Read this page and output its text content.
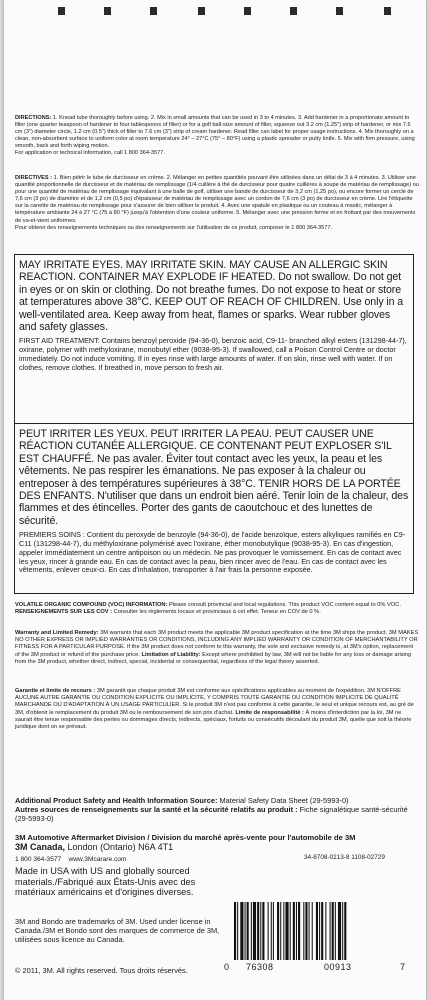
DIRECTIONS: 1. Knead tube thoroughly before using. 2. Mix in small amounts that can be used in 3 to 4 minutes. 3. Add hardener in a proportionate amount to filler (one quarter teaspoon of hardener to four tablespoons of filler) or for a golf ball-size amount of filler, squeeze out 3.2 cm (1.25") strip of hardener, or mix 7.6 cm (3") diameter circle, 1.2 cm (0.5") thick of filler to 7.6 cm (3") strip of cream hardener. Read filler can label for proper usage instructions. 4. Mix thoroughly on a clean, non-absorbent surface to uniform color at room temperature 24° – 27°C (75° – 80°F) using a plastic spreader or putty knife. 5. Mix with firm pressure, using smooth, back and forth wiping motion.
For application or technical information, call 1 800 364-3577.
DIRECTIVES : 1. Bien pétrir le tube de durcisseur en crème. 2. Mélanger en petites quantités pouvant être utilisées dans un délai de 3 à 4 minutes. 3. Utiliser une quantité proportionnelle de durcisseur et de matériau de remplissage (1/4 cuillère à thé de durcisseur pour quatre cuillères à soupe de matériau de remplissage) ou pour une quantité de matériau de remplissage équivalant à une balle de golf, utiliser une bande de durcisseur de 3,2 cm (1,25 po), ou encore former un cercle de 7,6 cm (3 po) de diamètre et de 1,2 cm (0,5 po) d'épaisseur de matériau de remplissage avec un cordon de 7,6 cm (3 po) de durcisseur en crème. Lire l'étiquette sur la canette de matériau de remplissage pour s'assurer de bien utiliser le produit. 4. Avec une spatule en plastique ou un couteau à mastic, mélanger à température ambiante 24 à 27 °C (75 à 80 °F) jusqu'à l'obtention d'une couleur uniforme. 5. Mélanger avec une pression ferme et en frottant par des mouvements de va-et-vient uniformes.
Pour obtenir des renseignements techniques ou des renseignements sur l'utilisation de ce produit, composer le 1 800 364-3577.
MAY IRRITATE EYES. MAY IRRITATE SKIN. MAY CAUSE AN ALLERGIC SKIN REACTION. CONTAINER MAY EXPLODE IF HEATED. Do not swallow. Do not get in eyes or on skin or clothing. Do not breathe fumes. Do not expose to heat or store at temperatures above 38°C. KEEP OUT OF REACH OF CHILDREN. Use only in a well-ventilated area. Keep away from heat, flames or sparks. Wear rubber gloves and safety glasses.
FIRST AID TREATMENT: Contains benzoyl peroxide (94-36-0), benzoic acid, C9-11- branched alkyl esters (131298-44-7), oxirane, polymer with methyloxirane, monobutyl ether (9038-95-3). If swallowed, call a Poison Control Centre or doctor immediately. Do not induce vomiting. If in eyes rinse with large amounts of water. If on skin, rinse well with water. If on clothes, remove clothes. If breathed in, move person to fresh air.
PEUT IRRITER LES YEUX. PEUT IRRITER LA PEAU. PEUT CAUSER UNE RÉACTION CUTANÉE ALLERGIQUE. CE CONTENANT PEUT EXPLOSER S'IL EST CHAUFFÉ. Ne pas avaler. Éviter tout contact avec les yeux, la peau et les vêtements. Ne pas respirer les émanations. Ne pas exposer à la chaleur ou entreposer à des températures supérieures à 38°C. TENIR HORS DE LA PORTÉE DES ENFANTS. N'utiliser que dans un endroit bien aéré. Tenir loin de la chaleur, des flammes et des étincelles. Porter des gants de caoutchouc et des lunettes de sécurité.
PREMIERS SOINS : Contient du peroxyde de benzoyle (94-36-0), de l'acide benzoïque, esters alkyliques ramifiés en C9-C11 (131298-44-7), du méthyloxirane polymérisé avec l'oxirane, éther monobutylique (9038-95-3). En cas d'ingestion, appeler immédiatement un centre antipoison ou un médecin. Ne pas provoquer le vomissement. En cas de contact avec les yeux, rincer à grande eau. En cas de contact avec la peau, bien rincer avec de l'eau. En cas de contact avec les vêtements, enlever ceux-ci. En cas d'inhalation, transporter à l'air frais la personne exposée.
VOLATILE ORGANIC COMPOUND (VOC) INFORMATION: Please consult provincial and local regulations. This product VOC content equal to 0% VOC.
RENSEIGNEMENTS SUR LES COV : Consulter les règlements locaux et provinciaux à cet effet. Teneur en COV de 0 %.
Warranty and Limited Remedy: 3M warrants that each 3M product meets the applicable 3M product specification at the time 3M ships the product. 3M MAKES NO OTHER EXPRESS OR IMPLIED WARRANTIES OR CONDITIONS, INCLUDING ANY IMPLIED WARRANTY OR CONDITION OF MERCHANTABILITY OR FITNESS FOR A PARTICULAR PURPOSE. If the 3M product does not conform to this warranty, the sole and exclusive remedy is, at 3M's option, replacement of the 3M product or refund of the purchase price. Limitation of Liability: Except where prohibited by law, 3M will not be liable for any loss or damage arising from the 3M product, whether direct, indirect, special, incidental or consequential, regardless of the legal theory asserted.
Garantie et limite de recours : 3M garantit que chaque produit 3M est conforme aux spécifications applicables au moment de l'expédition. 3M N'OFFRE AUCUNE AUTRE GARANTIE OU CONDITION EXPLICITE OU IMPLICITE, Y COMPRIS TOUTE GARANTIE OU CONDITION IMPLICITE DE QUALITÉ MARCHANDE OU D'ADAPTATION À UN USAGE PARTICULIER. Si le produit 3M n'est pas conforme à cette garantie, le seul et unique recours est, au gré de 3M, d'obtenir le remplacement du produit 3M ou le remboursement de son prix d'achat. Limite de responsabilité : À moins d'interdiction par la loi, 3M ne saurait être tenue responsable des pertes ou dommages directs, indirects, spéciaux, fortuits ou consécutifs découlant du produit 3M, quelle que soit la théorie juridique dont on se prévaut.
Additional Product Safety and Health Information Source: Material Safety Data Sheet (29-5993-0)
Autres sources de renseignements sur la santé et la sécurité relatifs au produit : Fiche signalétique santé-sécurité (29-5993-0)
3M Automotive Aftermarket Division / Division du marché après-vente pour l'automobile de 3M
3M Canada, London (Ontario) N6A 4T1
1 800 364-3577 www.3Mcarare.com	34-8708-0213-8 1108-02729
Made in USA with US and globally sourced materials./Fabriqué aux États-Unis avec des matériaux américains et d'origines diverses.
3M and Bondo are trademarks of 3M. Used under license in Canada./3M et Bondo sont des marques de commerce de 3M, utilisées sous licence au Canada.
© 2011, 3M. All rights reserved. Tous droits réservés.	0 76308	00913	7
